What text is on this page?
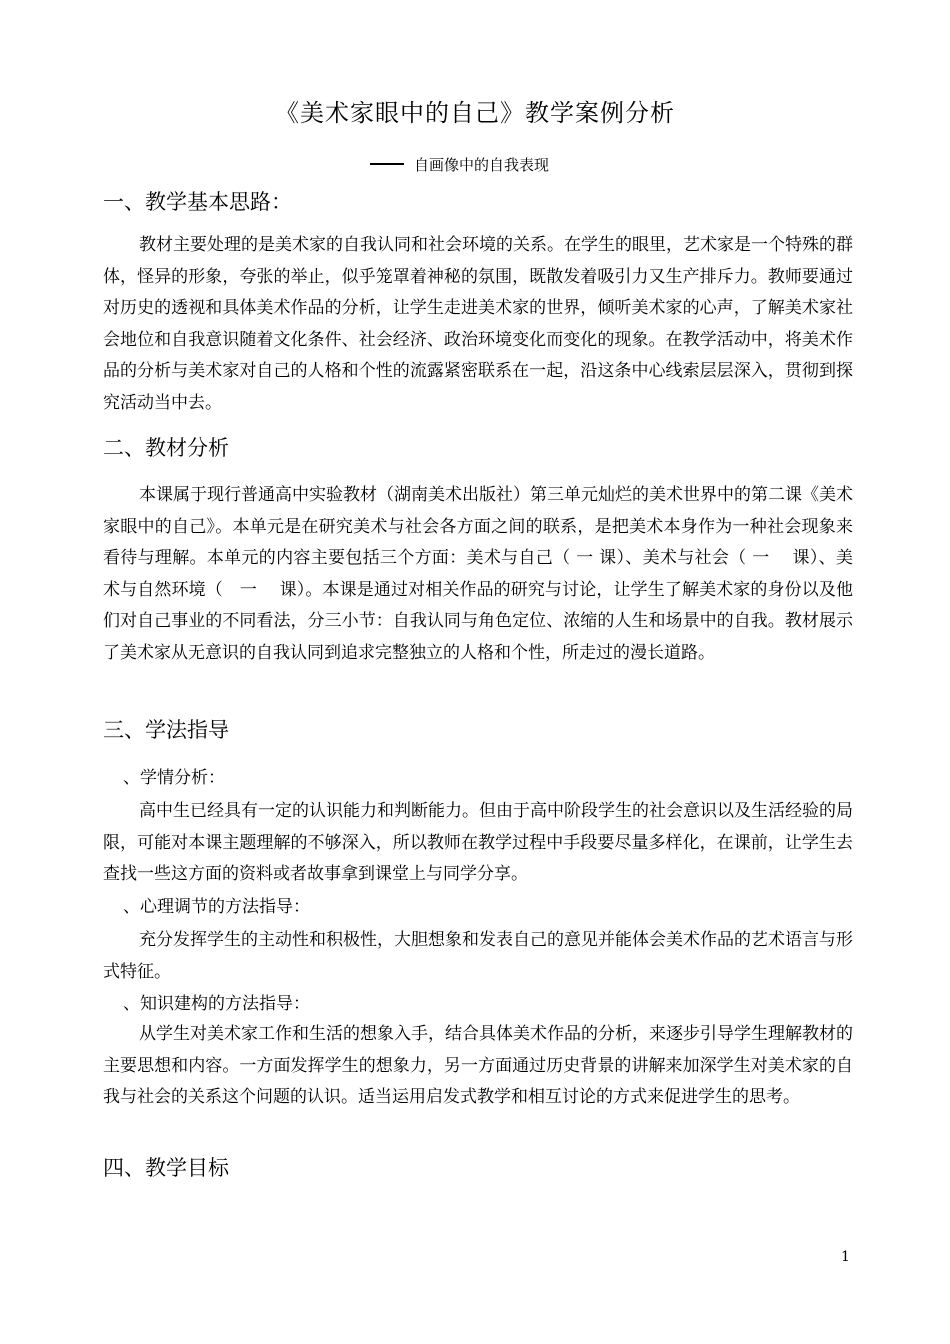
《美术家眼中的自己》教学案例分析
自画像中的自我表现
一、教学基本思路：

教材主要处理的是美术家的自我认同和社会环境的关系。在学生的眼里，艺术家是一个特殊的群体，怪异的形象，夸张的举止，似乎笼罩着神秘的氛围，既散发着吸引力又生产排斥力。教师要通过对历史的透视和具体美术作品的分析，让学生走进美术家的世界，倾听美术家的心声，了解美术家社会地位和自我意识随着文化条件、社会经济、政治环境变化而变化的现象。在教学活动中，将美术作品的分析与美术家对自己的人格和个性的流露紧密联系在一起，沿这条中心线索层层深入，贯彻到探究活动当中去。

二、教材分析

本课属于现行普通高中实验教材（湖南美术出版社）第三单元灿烂的美术世界中的第二课《美术家眼中的自己》。本单元是在研究美术与社会各方面之间的联系，是把美术本身作为一种社会现象来看待与理解。本单元的内容主要包括三个方面：美术与自己（ 一 课）、美术与社会（ 一　 课）、美术与自然环境（　一　 课）。本课是通过对相关作品的研究与讨论，让学生了解美术家的身份以及他们对自己事业的不同看法，分三小节：自我认同与角色定位、浓缩的人生和场景中的自我。教材展示了美术家从无意识的自我认同到追求完整独立的人格和个性，所走过的漫长道路。

三、学法指导
、学情分析：

高中生已经具有一定的认识能力和判断能力。但由于高中阶段学生的社会意识以及生活经验的局限，可能对本课主题理解的不够深入，所以教师在教学过程中手段要尽量多样化，在课前，让学生去查找一些这方面的资料或者故事拿到课堂上与同学分享。

、心理调节的方法指导：

充分发挥学生的主动性和积极性，大胆想象和发表自己的意见并能体会美术作品的艺术语言与形式特征。

、知识建构的方法指导：

从学生对美术家工作和生活的想象入手，结合具体美术作品的分析，来逐步引导学生理解教材的主要思想和内容。一方面发挥学生的想象力，另一方面通过历史背景的讲解来加深学生对美术家的自我与社会的关系这个问题的认识。适当运用启发式教学和相互讨论的方式来促进学生的思考。

四、教学目标
1
